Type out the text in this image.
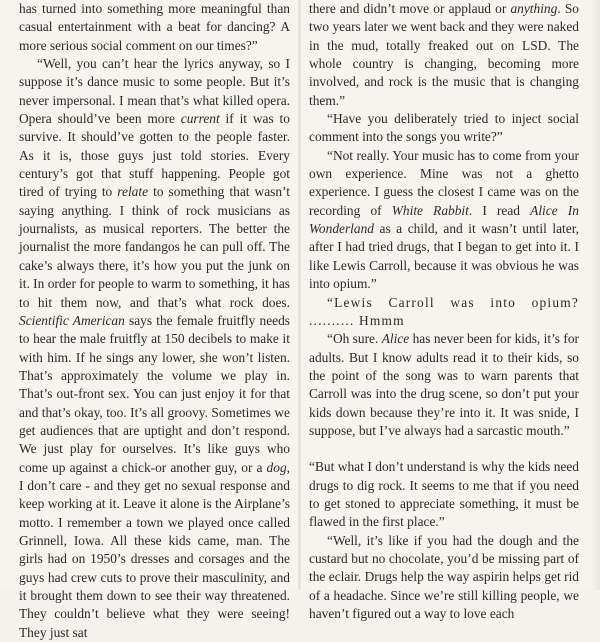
has turned into something more meaningful than casual entertainment with a beat for dancing? A more serious social comment on our times?”

“Well, you can’t hear the lyrics anyway, so I suppose it’s dance music to some people. But it’s never impersonal. I mean that’s what killed opera. Opera should’ve been more current if it was to survive. It should’ve gotten to the people faster. As it is, those guys just told stories. Every century’s got that stuff happening. People got tired of trying to relate to something that wasn’t saying anything. I think of rock musicians as journalists, as musical reporters. The better the journalist the more fandangos he can pull off. The cake’s always there, it’s how you put the junk on it. In order for people to warm to something, it has to hit them now, and that’s what rock does. Scientific American says the female fruitfly needs to hear the male fruitfly at 150 decibels to make it with him. If he sings any lower, she won’t listen. That’s approximately the volume we play in. That’s out-front sex. You can just enjoy it for that and that’s okay, too. It’s all groovy. Sometimes we get audiences that are uptight and don’t respond. We just play for ourselves. It’s like guys who come up against a chick-or another guy, or a dog, I don’t care - and they get no sexual response and keep working at it. Leave it alone is the Airplane’s motto. I remember a town we played once called Grinnell, Iowa. All these kids came, man. The girls had on 1950’s dresses and corsages and the guys had crew cuts to prove their masculinity, and it brought them down to see their way threatened. They couldn’t believe what they were seeing! They just sat

there and didn’t move or applaud or anything. So two years later we went back and they were naked in the mud, totally freaked out on LSD. The whole country is changing, becoming more involved, and rock is the music that is changing them.”

“Have you deliberately tried to inject social comment into the songs you write?”

“Not really. Your music has to come from your own experience. Mine was not a ghetto experience. I guess the closest I came was on the recording of White Rabbit. I read Alice In Wonderland as a child, and it wasn’t until later, after I had tried drugs, that I began to get into it. I like Lewis Carroll, because it was obvious he was into opium.”

“Lewis Carroll was into opium? .......... Hmmm

“Oh sure. Alice has never been for kids, it’s for adults. But I know adults read it to their kids, so the point of the song was to warn parents that Carroll was into the drug scene, so don’t put your kids down because they’re into it. It was snide, I suppose, but I’ve always had a sarcastic mouth.”

“But what I don’t understand is why the kids need drugs to dig rock. It seems to me that if you need to get stoned to appreciate something, it must be flawed in the first place.”

“Well, it’s like if you had the dough and the custard but no chocolate, you’d be missing part of the eclair. Drugs help the way aspirin helps get rid of a headache. Since we’re still killing people, we haven’t figured out a way to love each
